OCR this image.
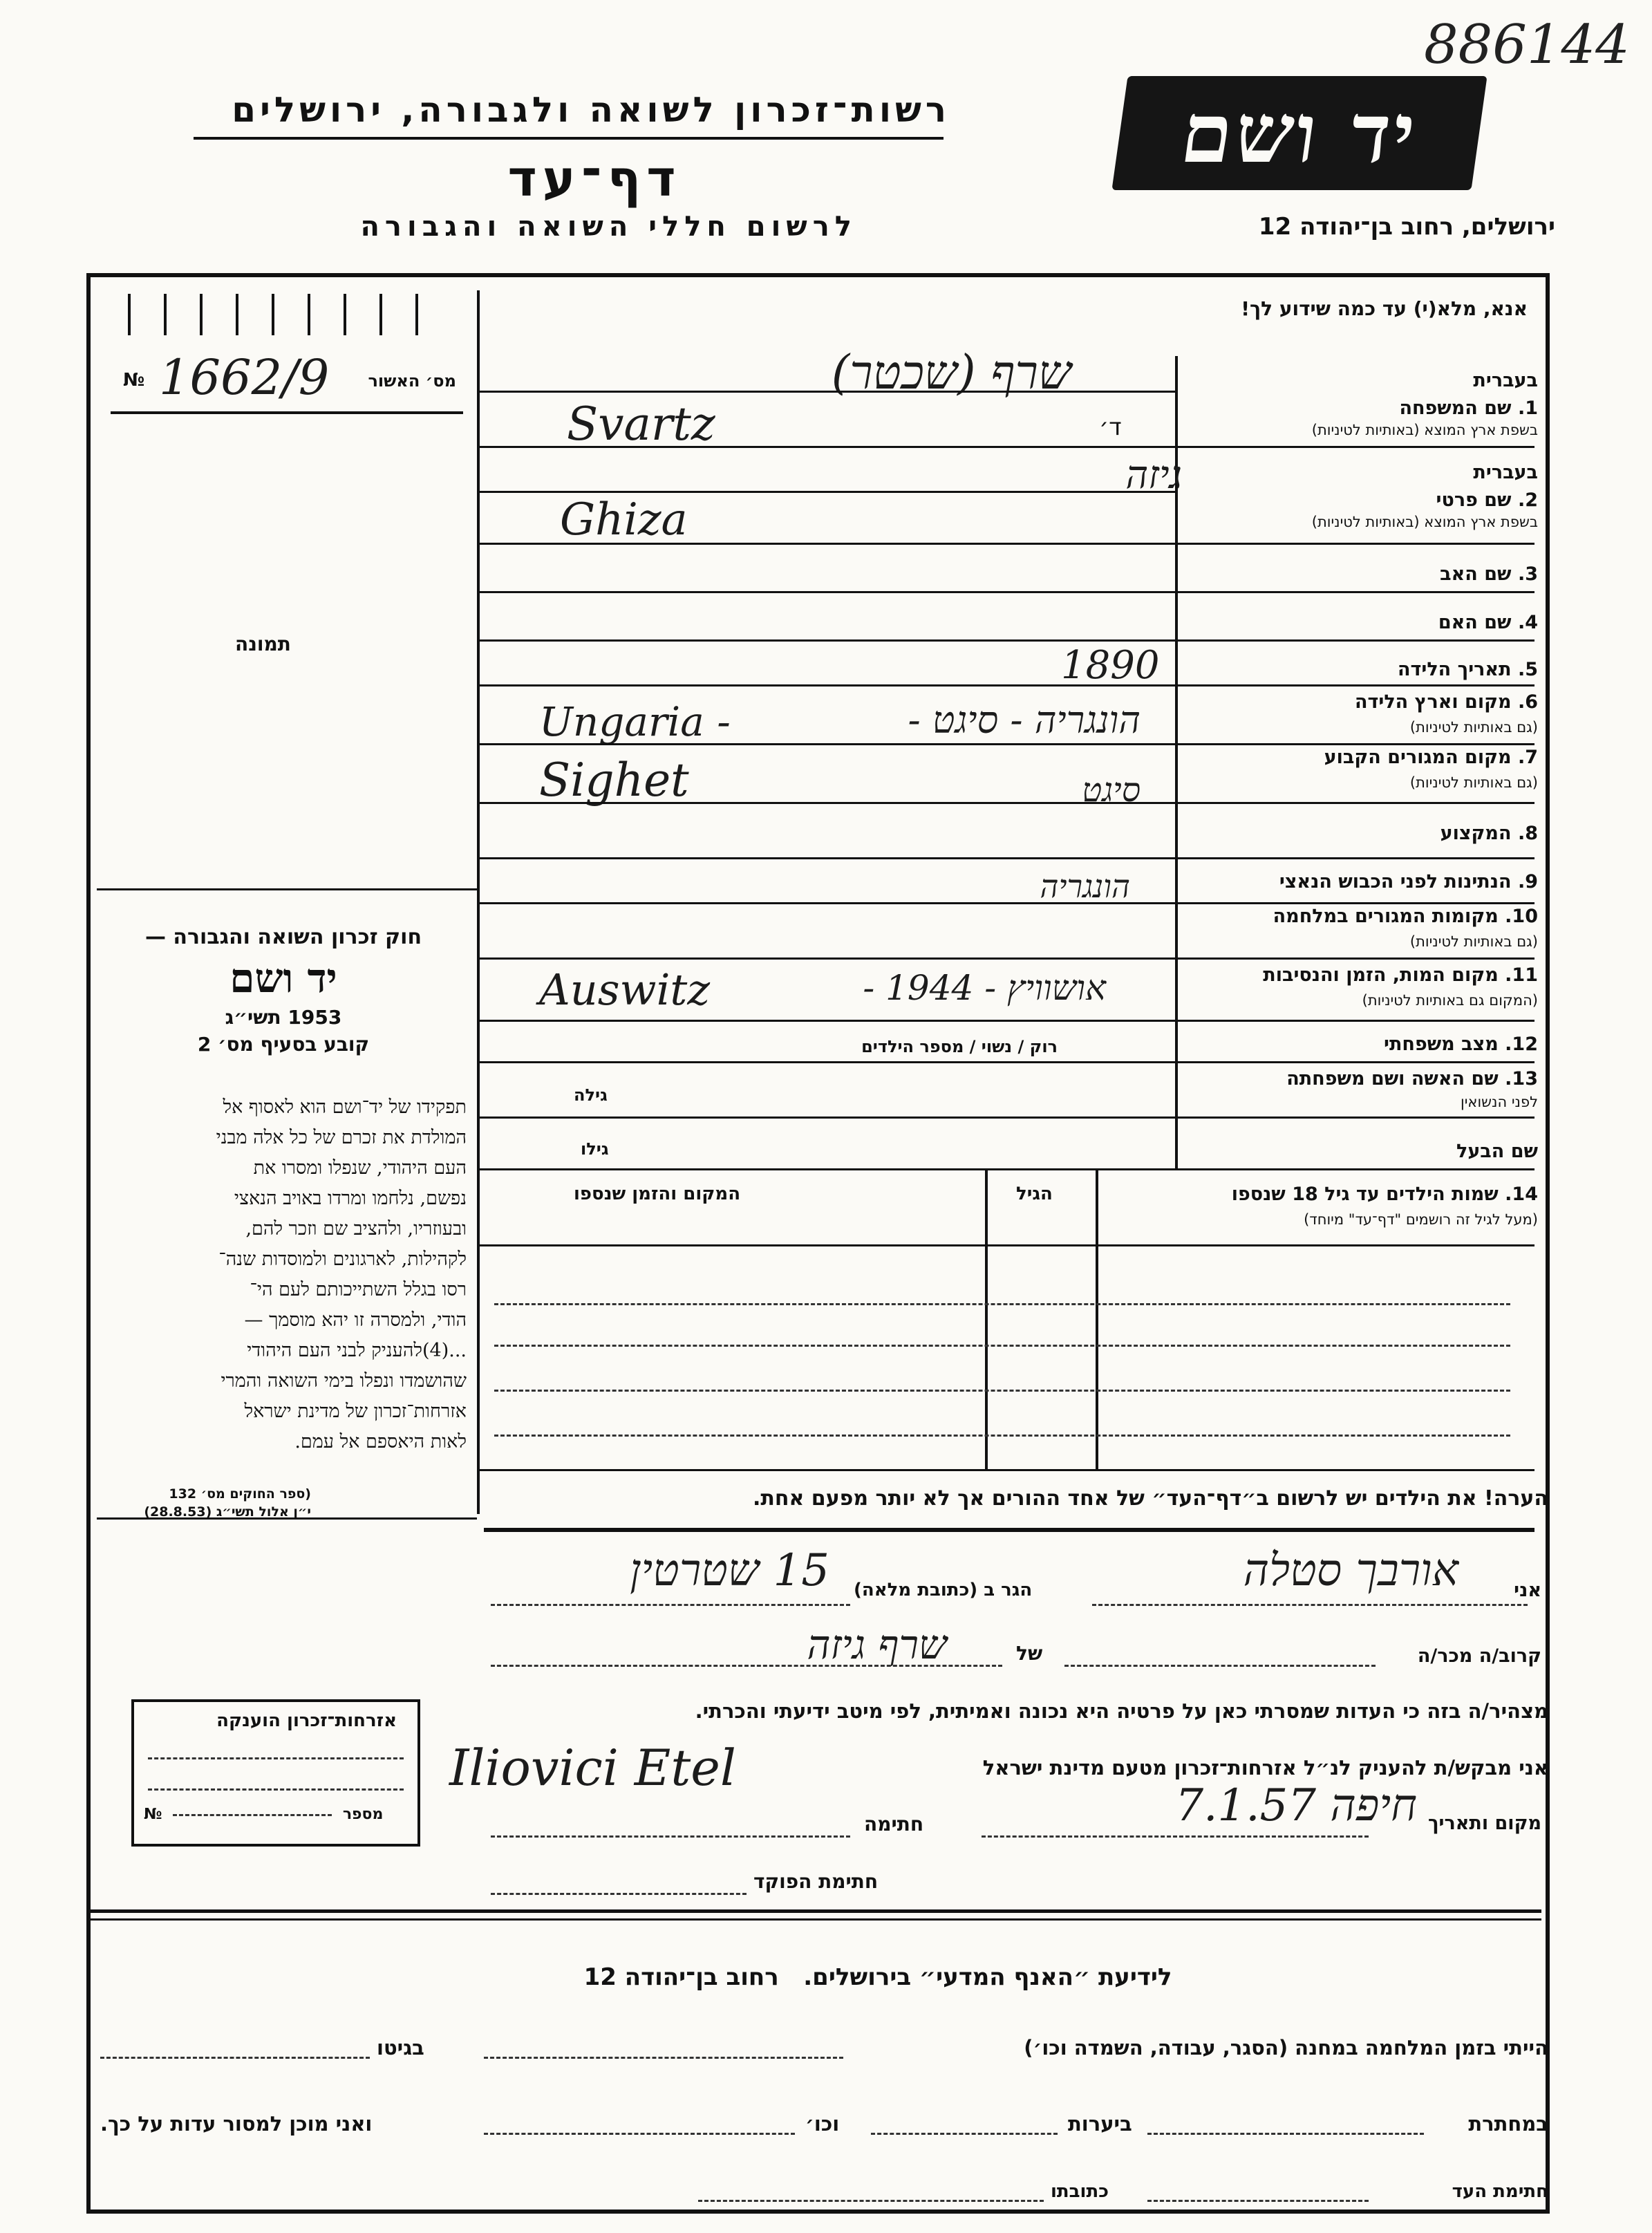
886144
יד ושם
רשות־זכרון לשואה ולגבורה, ירושלים
דף־עד
לרשום חללי השואה והגבורה	ירושלים, רחוב בן־יהודה 12
אנא, מלא(י) עד כמה שידוע לך!
№ 1662/9 מס׳ האשור
תמונה
בעברית
1. שם המשפחה
בשפת ארץ המוצא (באותיות לטיניות)
שרף (שכטר)
Svartz	ד׳
בעברית
2. שם פרטי
בשפת ארץ המוצא (באותיות לטיניות)
גיזה
Ghiza
3. שם האב
4. שם האם
5. תאריך הלידה
1890
6. מקום וארץ הלידה
(גם באותיות לטיניות)
Ungaria -	הונגריה - סיגט -
7. מקום המגורים הקבוע
(גם באותיות לטיניות)
Sighet	סיגט
8. המקצוע
9. הנתינות לפני הכבוש הנאצי
הונגריה
10. מקומות המגורים במלחמה
(גם באותיות לטיניות)
11. מקום המות, הזמן והנסיבות
(המקום גם באותיות לטיניות)
Auswitz	אושוויץ - 1944 -
12. מצב משפחתי
רוק / נשוי / מספר הילדים
13. שם האשה ושם משפחתה
לפני הנשואין
גילה
שם הבעל
גילו
14. שמות הילדים עד גיל 18 שנספו
(מעל לגיל זה רושמים "דף־עד" מיוחד)
הגיל
המקום והזמן שנספו
חוק זכרון השואה והגבורה —
יד ושם
1953 תשי״ג
קובע בסעיף מס׳ 2
תפקידו של יד־ושם הוא לאסוף אל
המולדת את זכרם של כל אלה מבני
העם היהודי, שנפלו ומסרו את
נפשם, נלחמו ומרדו באויב הנאצי
ובעוזריו, ולהציב שם וזכר להם,
לקהילות, לארגונים ולמוסדות שנה־
רסו בגלל השתייכותם לעם הי־
הודי, ולמסרה זו יהא מוסמך —
...(4)להעניק לבני העם היהודי
שהושמדו ונפלו בימי השואה והמרי
אזרחות־זכרון של מדינת ישראל
לאות היאספם אל עמם.
(ספר החוקים מס׳ 132
י״ן אלול תשי״ג (28.8.53)
הערה! את הילדים יש לרשום ב״דף־העד״ של אחד ההורים אך לא יותר מפעם אחת.
אני
אורבך סטלה
הגר ב (כתובת מלאה)
15 שטרטין
קרוב/ה מכר/ה
של
שרף גיזה
מצהיר/ה בזה כי העדות שמסרתי כאן על פרטיה היא נכונה ואמיתית, לפי מיטב ידיעתי והכרתי.
אני מבקש/ת להעניק לנ״ל אזרחות־זכרון מטעם מדינת ישראל
Iliovici Etel
מקום ותאריך
חיפה 7.1.57
חתימה
חתימת הפוקד
אזרחות־זכרון הוענקה
№	מספר
לידיעת ״האנף המדעי״ בירושלים.   רחוב בן־יהודה 12
הייתי בזמן המלחמה במחנה (הסגר, עבודה, השמדה וכו׳)
בגיטו
במחתרת
ביערות
וכו׳
ואני מוכן למסור עדות על כך.
חתימת העד
כתובתו
